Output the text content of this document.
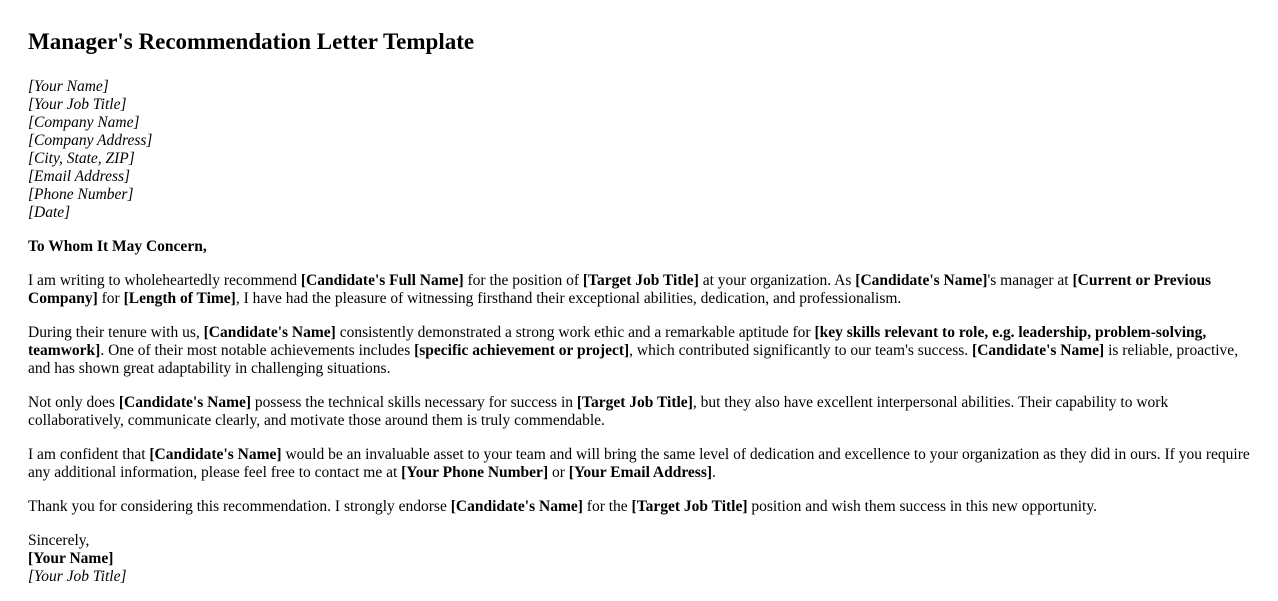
Manager's Recommendation Letter Template
[Your Name]
[Your Job Title]
[Company Name]
[Company Address]
[City, State, ZIP]
[Email Address]
[Phone Number]
[Date]
To Whom It May Concern,

I am writing to wholeheartedly recommend [Candidate's Full Name] for the position of [Target Job Title] at your organization. As [Candidate's Name]'s manager at [Current or Previous Company] for [Length of Time], I have had the pleasure of witnessing firsthand their exceptional abilities, dedication, and professionalism.

During their tenure with us, [Candidate's Name] consistently demonstrated a strong work ethic and a remarkable aptitude for [key skills relevant to role, e.g. leadership, problem-solving, teamwork]. One of their most notable achievements includes [specific achievement or project], which contributed significantly to our team's success. [Candidate's Name] is reliable, proactive, and has shown great adaptability in challenging situations.

Not only does [Candidate's Name] possess the technical skills necessary for success in [Target Job Title], but they also have excellent interpersonal abilities. Their capability to work collaboratively, communicate clearly, and motivate those around them is truly commendable.

I am confident that [Candidate's Name] would be an invaluable asset to your team and will bring the same level of dedication and excellence to your organization as they did in ours. If you require any additional information, please feel free to contact me at [Your Phone Number] or [Your Email Address].

Thank you for considering this recommendation. I strongly endorse [Candidate's Name] for the [Target Job Title] position and wish them success in this new opportunity.

Sincerely,
[Your Name]
[Your Job Title]
